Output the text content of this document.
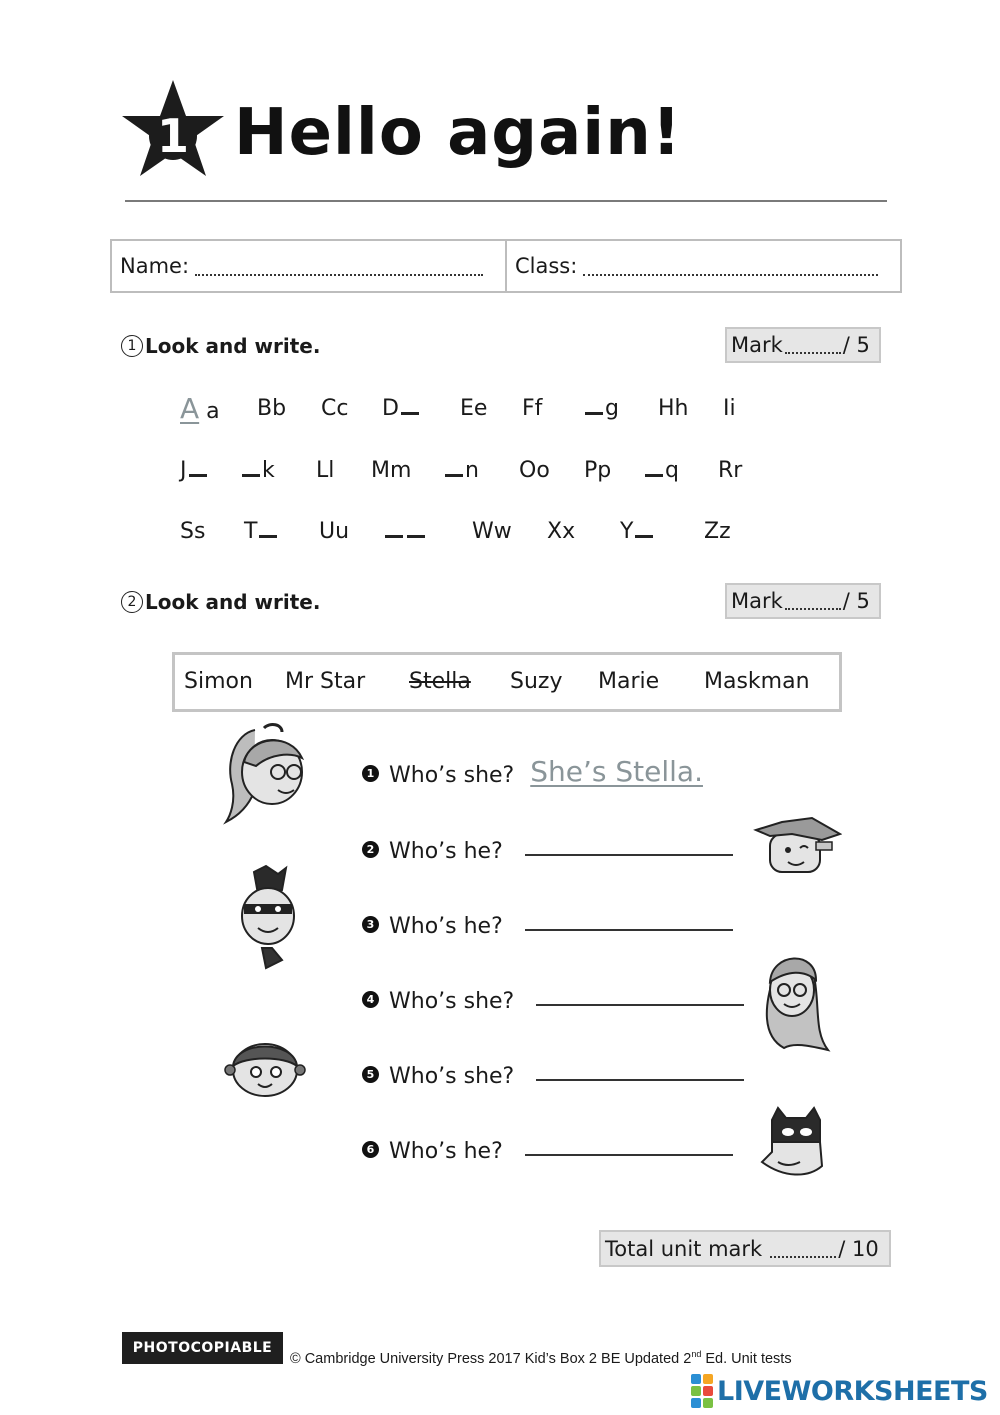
1 Hello again!
Name:	Class:
1 Look and write.	Mark	/ 5
A a Bb Cc D	Ee Ff	g Hh Ii
J	k Ll Mm	n Oo Pp	q Rr
Ss T	Uu	Ww Xx Y	Zz
2 Look and write.	Mark	/ 5
Simon Mr Star Stella Suzy Marie Maskman
1 Who’s she? She’s Stella.
2 Who’s he?
3 Who’s he?
4 Who’s she?
5 Who’s she?
6 Who’s he?
Total unit mark	/ 10
PHOTOCOPIABLE
© Cambridge University Press 2017 Kid’s Box 2 BE Updated 2nd Ed. Unit tests
LIVEWORKSHEETS
